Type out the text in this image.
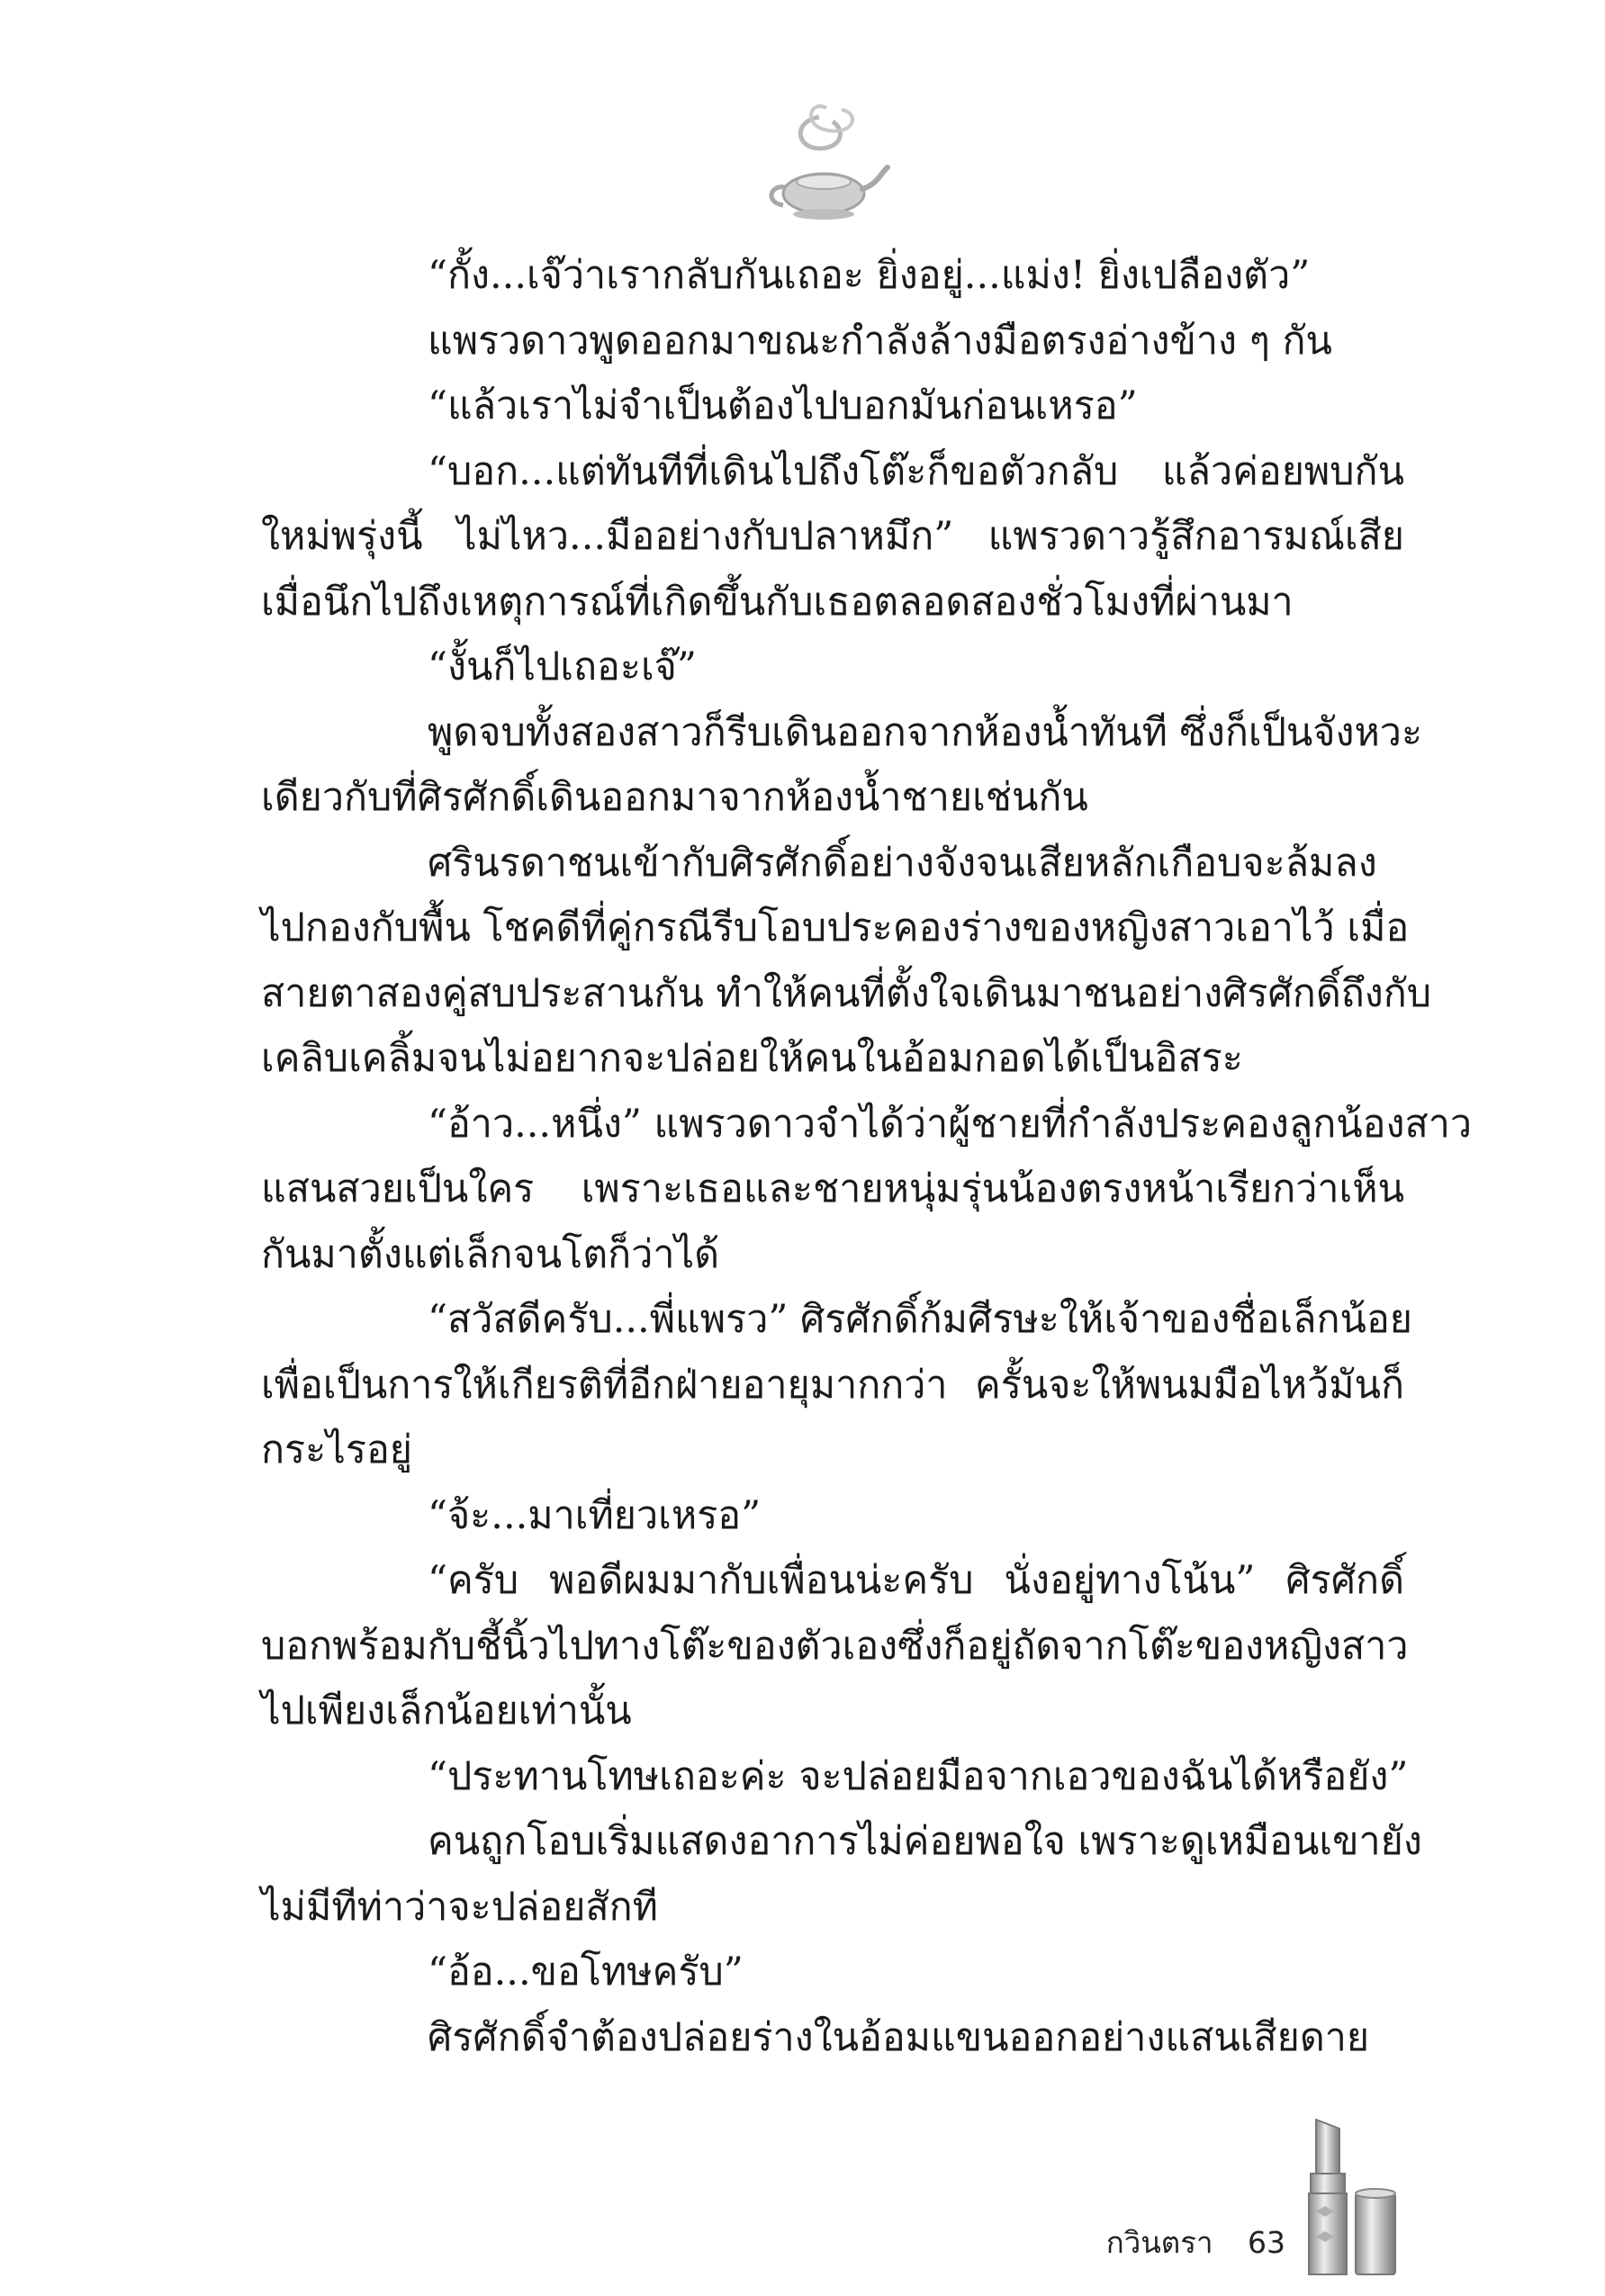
“กั้ง...เจ๊ว่าเรากลับกันเถอะ ยิ่งอยู่...แม่ง! ยิ่งเปลืองตัว”
แพรวดาวพูดออกมาขณะกำลังล้างมือตรงอ่างข้าง ๆ กัน
“แล้วเราไม่จำเป็นต้องไปบอกมันก่อนเหรอ”
“บอก...แต่ทันทีที่เดินไปถึงโต๊ะก็ขอตัวกลับ แล้วค่อยพบกัน
ใหม่พรุ่งนี้ ไม่ไหว...มืออย่างกับปลาหมึก” แพรวดาวรู้สึกอารมณ์เสีย
เมื่อนึกไปถึงเหตุการณ์ที่เกิดขึ้นกับเธอตลอดสองชั่วโมงที่ผ่านมา
“งั้นก็ไปเถอะเจ๊”
พูดจบทั้งสองสาวก็รีบเดินออกจากห้องน้ำทันที ซึ่งก็เป็นจังหวะ
เดียวกับที่ศิรศักดิ์เดินออกมาจากห้องน้ำชายเช่นกัน
ศรินรดาชนเข้ากับศิรศักดิ์อย่างจังจนเสียหลักเกือบจะล้มลง
ไปกองกับพื้น โชคดีที่คู่กรณีรีบโอบประคองร่างของหญิงสาวเอาไว้ เมื่อ
สายตาสองคู่สบประสานกัน ทำให้คนที่ตั้งใจเดินมาชนอย่างศิรศักดิ์ถึงกับ
เคลิบเคลิ้มจนไม่อยากจะปล่อยให้คนในอ้อมกอดได้เป็นอิสระ
“อ้าว...หนึ่ง” แพรวดาวจำได้ว่าผู้ชายที่กำลังประคองลูกน้องสาว
แสนสวยเป็นใคร เพราะเธอและชายหนุ่มรุ่นน้องตรงหน้าเรียกว่าเห็น
กันมาตั้งแต่เล็กจนโตก็ว่าได้
“สวัสดีครับ...พี่แพรว” ศิรศักดิ์ก้มศีรษะให้เจ้าของชื่อเล็กน้อย
เพื่อเป็นการให้เกียรติที่อีกฝ่ายอายุมากกว่า ครั้นจะให้พนมมือไหว้มันก็
กระไรอยู่
“จ้ะ...มาเที่ยวเหรอ”
“ครับ พอดีผมมากับเพื่อนน่ะครับ นั่งอยู่ทางโน้น” ศิรศักดิ์
บอกพร้อมกับชี้นิ้วไปทางโต๊ะของตัวเองซึ่งก็อยู่ถัดจากโต๊ะของหญิงสาว
ไปเพียงเล็กน้อยเท่านั้น
“ประทานโทษเถอะค่ะ จะปล่อยมือจากเอวของฉันได้หรือยัง”
คนถูกโอบเริ่มแสดงอาการไม่ค่อยพอใจ เพราะดูเหมือนเขายัง
ไม่มีทีท่าว่าจะปล่อยสักที
“อ้อ...ขอโทษครับ”
ศิรศักดิ์จำต้องปล่อยร่างในอ้อมแขนออกอย่างแสนเสียดาย
กวินตรา 63
